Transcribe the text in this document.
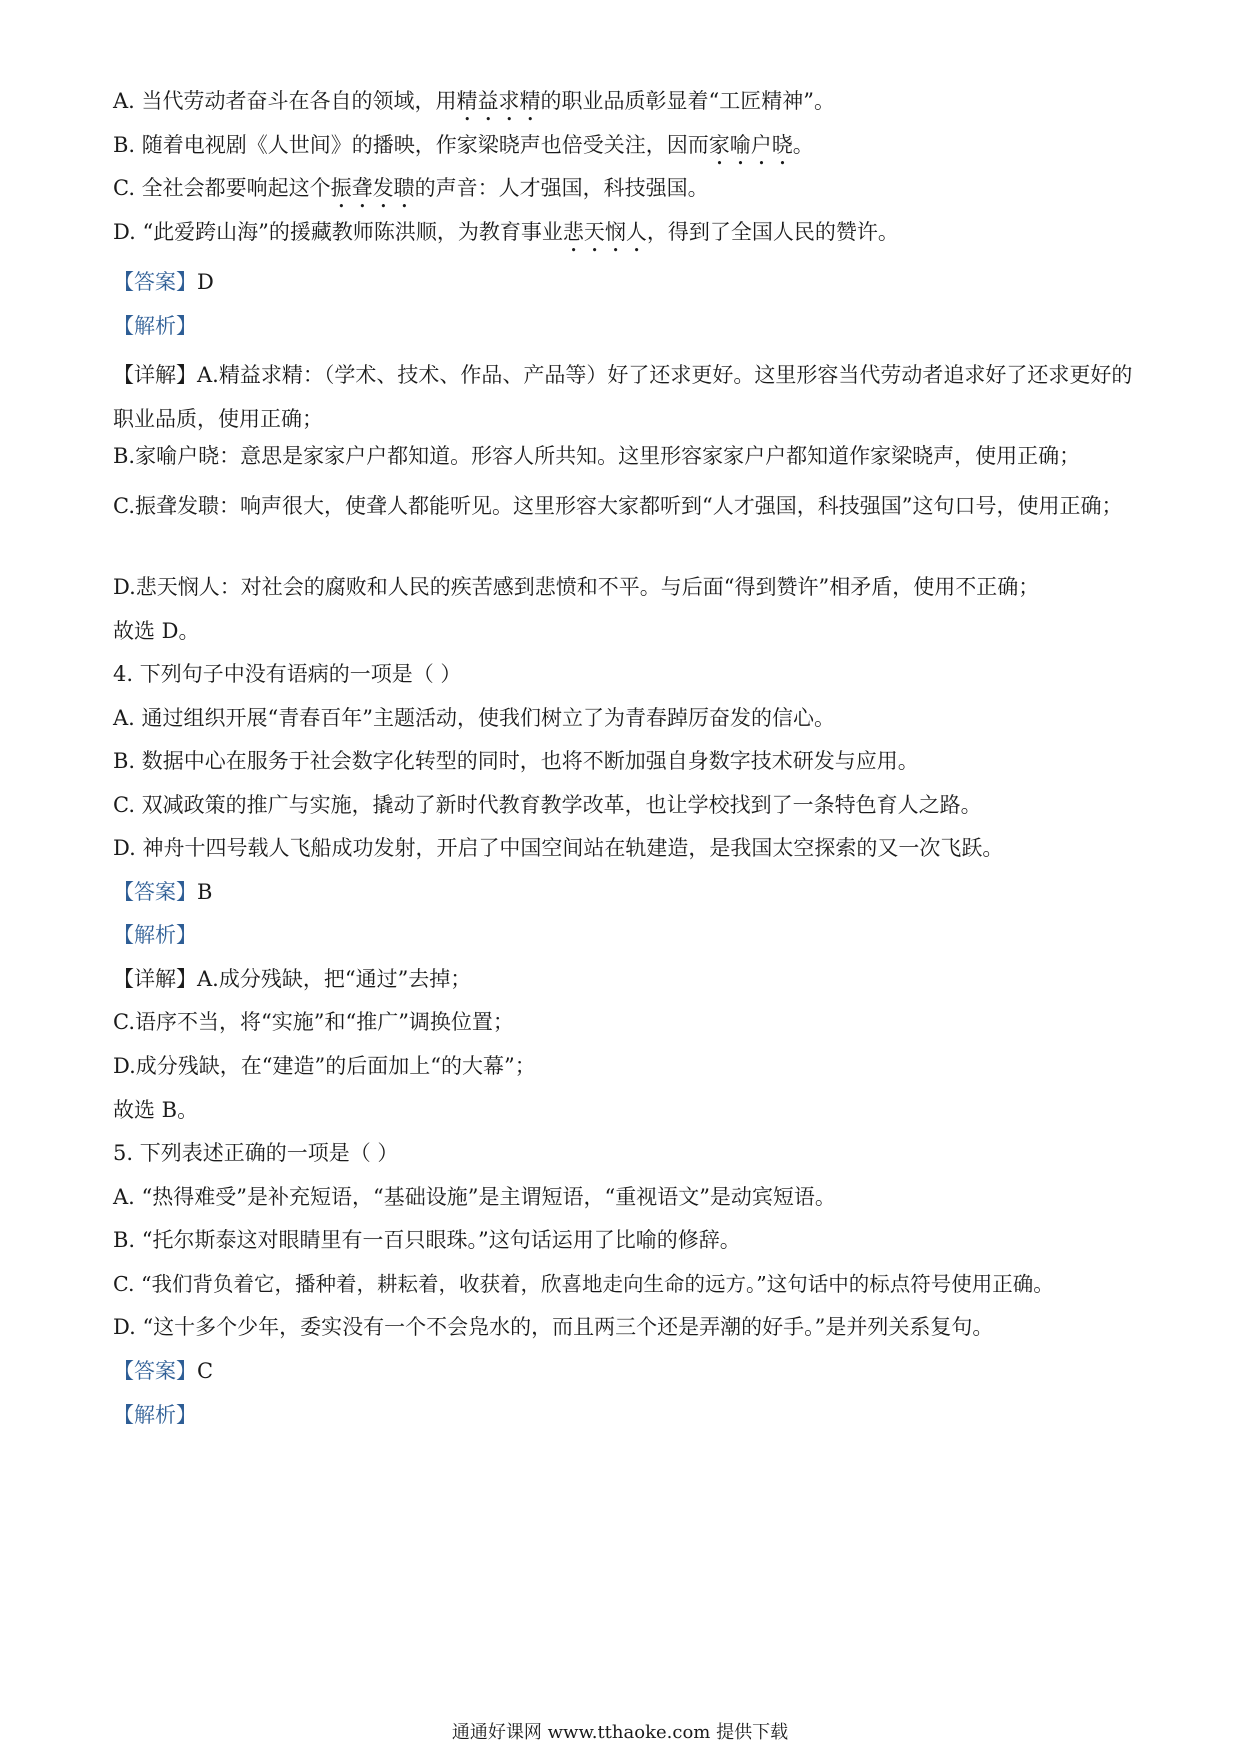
A. 当代劳动者奋斗在各自的领域，用精益求精的职业品质彰显着“工匠精神”。
B. 随着电视剧《人世间》的播映，作家梁晓声也倍受关注，因而家喻户晓。
C. 全社会都要响起这个振聋发聩的声音：人才强国，科技强国。
D. “此爱跨山海”的援藏教师陈洪顺，为教育事业悲天悯人，得到了全国人民的赞许。
【答案】D
【解析】
【详解】A.精益求精：（学术、技术、作品、产品等）好了还求更好。这里形容当代劳动者追求好了还求更好的职业品质，使用正确；
B.家喻户晓：意思是家家户户都知道。形容人所共知。这里形容家家户户都知道作家梁晓声，使用正确；
C.振聋发聩：响声很大，使聋人都能听见。这里形容大家都听到“人才强国，科技强国”这句口号，使用正确；
D.悲天悯人：对社会的腐败和人民的疾苦感到悲愤和不平。与后面“得到赞许”相矛盾，使用不正确；
故选 D。
4. 下列句子中没有语病的一项是（ ）
A. 通过组织开展“青春百年”主题活动，使我们树立了为青春踔厉奋发的信心。
B. 数据中心在服务于社会数字化转型的同时，也将不断加强自身数字技术研发与应用。
C. 双减政策的推广与实施，撬动了新时代教育教学改革，也让学校找到了一条特色育人之路。
D. 神舟十四号载人飞船成功发射，开启了中国空间站在轨建造，是我国太空探索的又一次飞跃。
【答案】B
【解析】
【详解】A.成分残缺，把“通过”去掉；
C.语序不当，将“实施”和“推广”调换位置；
D.成分残缺，在“建造”的后面加上“的大幕”；
故选 B。
5. 下列表述正确的一项是（ ）
A. “热得难受”是补充短语，“基础设施”是主谓短语，“重视语文”是动宾短语。
B. “托尔斯泰这对眼睛里有一百只眼珠。”这句话运用了比喻的修辞。
C. “我们背负着它，播种着，耕耘着，收获着，欣喜地走向生命的远方。”这句话中的标点符号使用正确。
D. “这十多个少年，委实没有一个不会凫水的，而且两三个还是弄潮的好手。”是并列关系复句。
【答案】C
【解析】
通通好课网 www.tthaoke.com 提供下载
